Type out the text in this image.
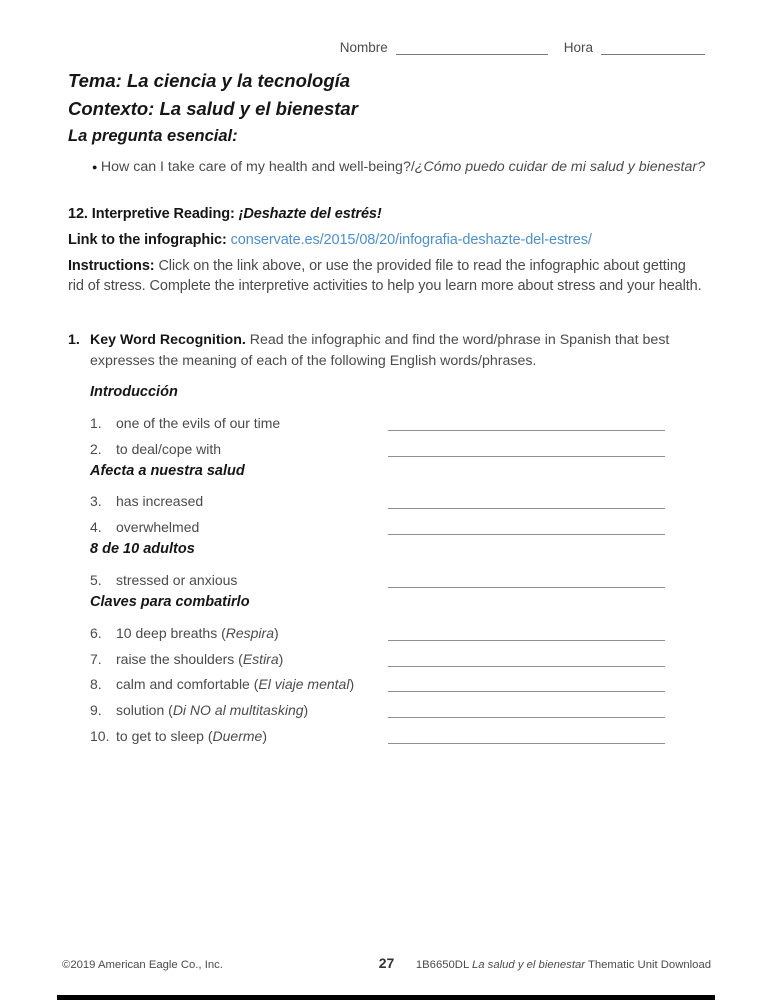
Nombre	Hora
Tema: La ciencia y la tecnología
Contexto: La salud y el bienestar
La pregunta esencial:
● How can I take care of my health and well-being?/¿Cómo puedo cuidar de mi salud y bienestar?

12. Interpretive Reading: ¡Deshazte del estrés!

Link to the infographic: conservate.es/2015/08/20/infografia-deshazte-del-estres/

Instructions: Click on the link above, or use the provided file to read the infographic about getting rid of stress. Complete the interpretive activities to help you learn more about stress and your health.

1. Key Word Recognition. Read the infographic and find the word/phrase in Spanish that best expresses the meaning of each of the following English words/phrases.
Introducción
1.	one of the evils of our time
2.	to deal/cope with
Afecta a nuestra salud
3.	has increased
4.	overwhelmed
8 de 10 adultos
5.	stressed or anxious
Claves para combatirlo
6.	10 deep breaths (Respira)
7.	raise the shoulders (Estira)
8.	calm and comfortable (El viaje mental)
9.	solution (Di NO al multitasking)
10. to get to sleep (Duerme)
©2019 American Eagle Co., Inc.	27	1B6650DL La salud y el bienestar Thematic Unit Download
